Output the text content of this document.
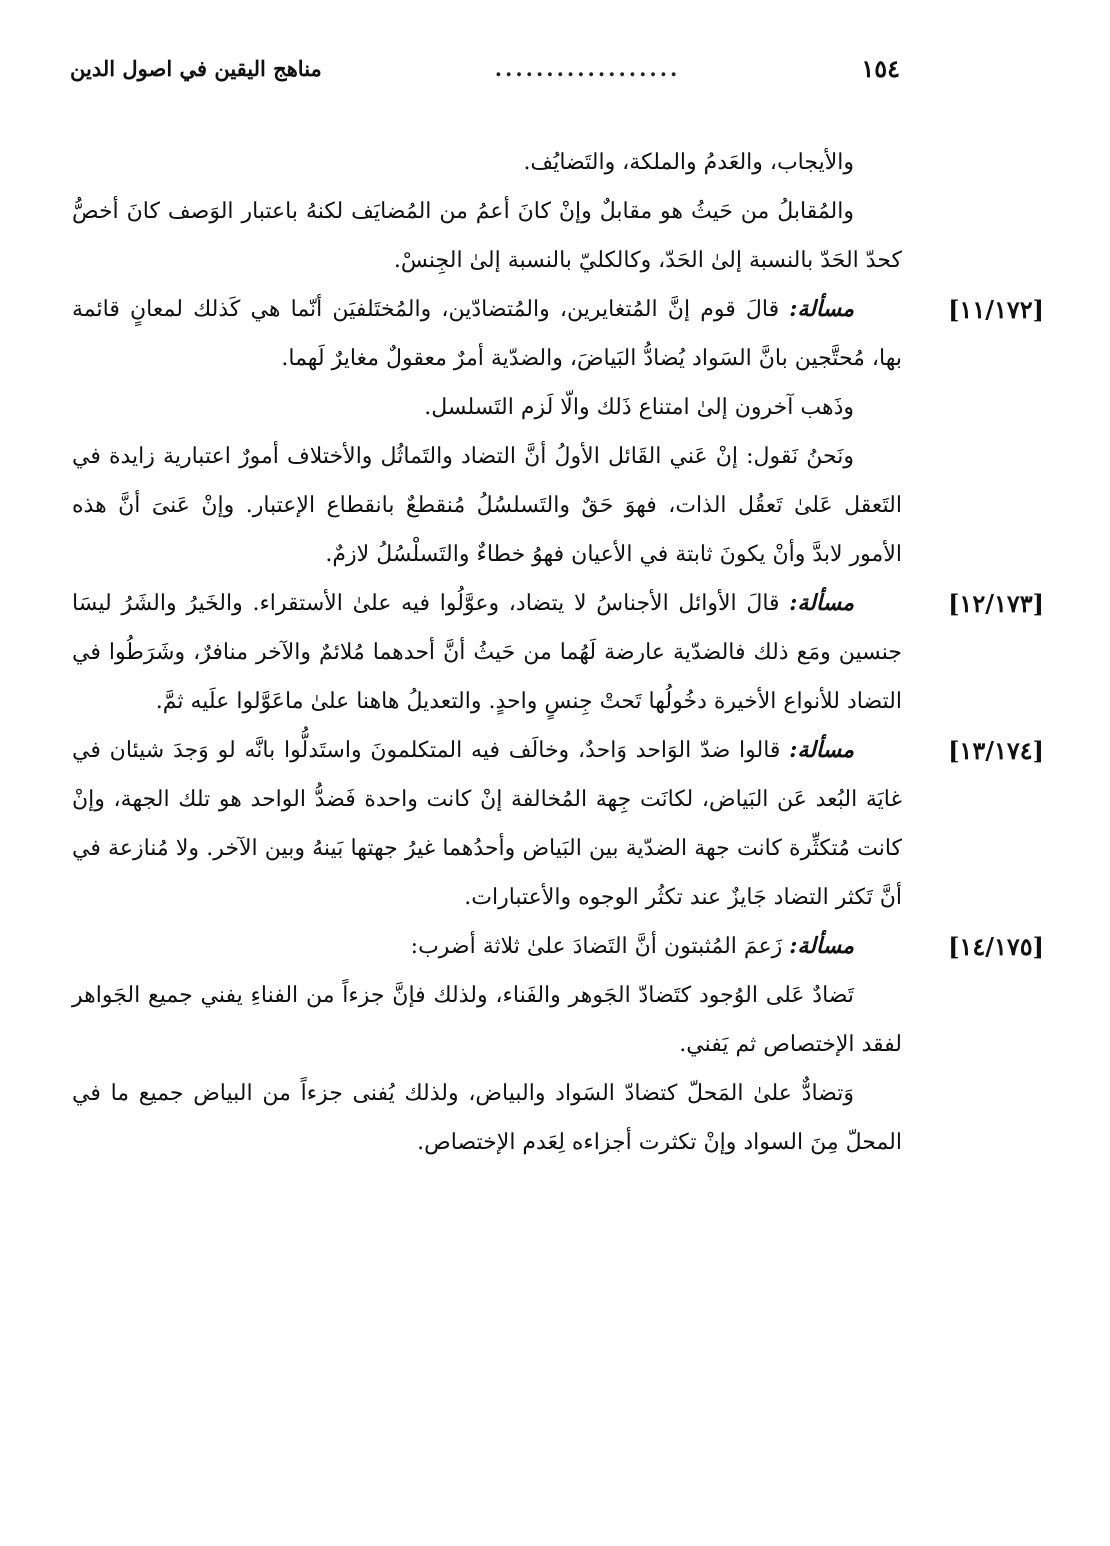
١٥٤
..................
مناهج اليقين في اصول الدين

والأيجاب، والعَدمُ والملكة، والتَضايُف.

والمُقابلُ من حَيثُ هو مقابلٌ وإنْ كانَ أعمُ من المُضايَف لكنهُ باعتبار الوَصف كانَ أخصُّ كحدّ الحَدّ بالنسبة إلىٰ الحَدّ، وكالكليّ بالنسبة إلىٰ الجِنسْ.

[١١/١٧٢]
مسألة: قالَ قوم إنَّ المُتغايرين، والمُتضادّين، والمُختَلفيَن أنّما هي كَذلك لمعانٍ قائمة بها، مُحتَّجين بانَّ السَواد يُضادُّ البَياضَ، والضدّية أمرٌ معقولٌ مغايرٌ لَهما.

وذَهب آخرون إلىٰ امتناع ذَلك والّا لَزم التَسلسل.

ونَحنُ نَقول: إنْ عَني القَائل الأولُ أنَّ التضاد والتَماثُل والأختلاف أمورٌ اعتبارية زايدة في التَعقل عَلىٰ تَعقُل الذات، فهوَ حَقٌ والتَسلسُلُ مُنقطعٌ بانقطاع الإعتبار. وإنْ عَنىَ أنَّ هذه الأمور لابدَّ وأنْ يكونَ ثابتة في الأعيان فهوُ خطاءٌ والتَسلْسُلُ لازمٌ.

[١٢/١٧٣]
مسألة: قالَ الأوائل الأجناسُ لا يتضاد، وعوَّلُوا فيه علىٰ الأستقراء. والخَيرُ والشَرُ ليسَا جنسين ومَع ذلك فالضدّية عارضة لَهُما من حَيثُ أنَّ أحدهما مُلائمٌ والآخر منافرٌ، وشَرَطُوا في التضاد للأنواع الأخيرة دخُولُها تَحتْ جِنسٍ واحدٍ. والتعديلُ هاهنا علىٰ ماعَوَّلوا علَيه ثمَّ.

[١٣/١٧٤]
مسألة: قالوا ضدّ الوَاحد وَاحدٌ، وخالَف فيه المتكلمونَ واستَدلُّوا بانَّه لو وَجدَ شيئان في غايَة البُعد عَن البَياض، لكانَت جِهة المُخالفة إنْ كانت واحدة فَضدُّ الواحد هو تلك الجهة، وإنْ كانت مُتكثِّرة كانت جهة الضدّية بين البَياض وأحدُهما غيرُ جهتها بَينهُ وبين الآخر. ولا مُنازعة في أنَّ تَكثر التضاد جَايزٌ عند تكثُر الوجوه والأعتبارات.

[١٤/١٧٥]
مسألة: زَعمَ المُثبتون أنَّ التَضادَ علىٰ ثلاثة أضرب:

تَضادٌ عَلى الوُجود كتَضادّ الجَوهر والفَناء، ولذلك فإنَّ جزءاً من الفناءِ يفني جميع الجَواهر لفقد الإختصاص ثم يَفني.

وَتضادٌّ علىٰ المَحلّ كتضادّ السَواد والبياض، ولذلك يُفنى جزءاً من البياض جميع ما في المحلّ مِنَ السواد وإنْ تكثرت أجزاءه لِعَدم الإختصاص.
